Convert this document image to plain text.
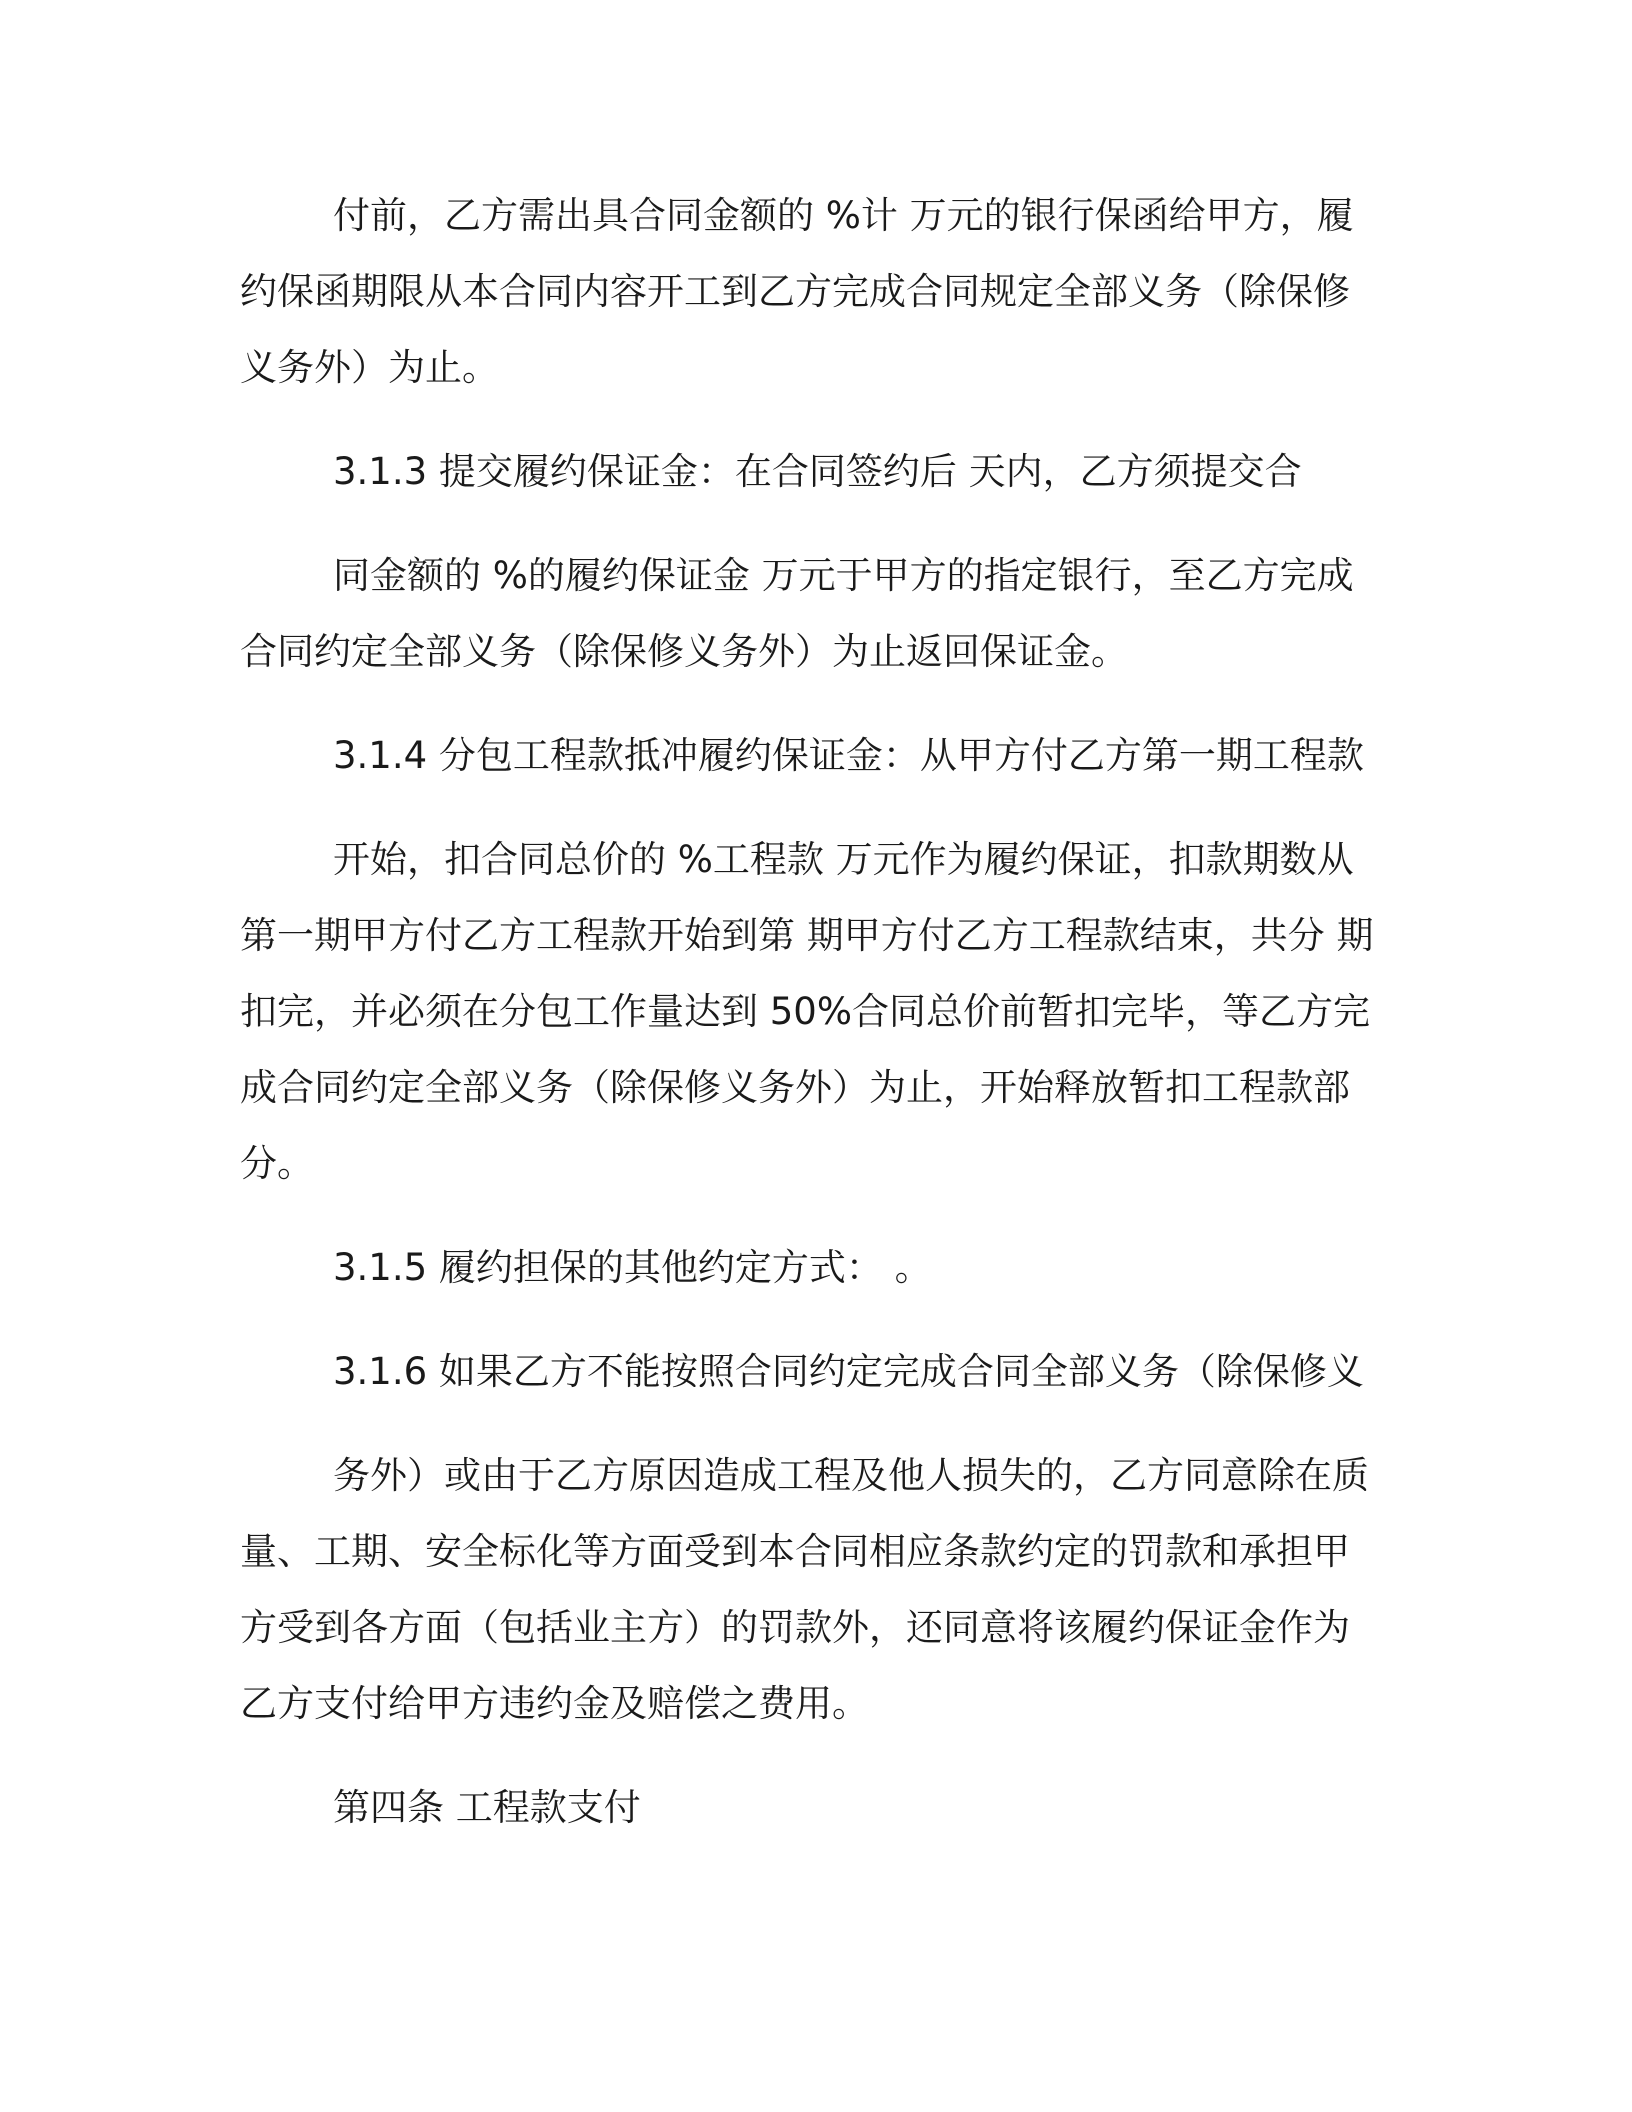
付前，乙方需出具合同金额的 %计 万元的银行保函给甲方，履
约保函期限从本合同内容开工到乙方完成合同规定全部义务（除保修
义务外）为止。
3.1.3 提交履约保证金：在合同签约后 天内，乙方须提交合
同金额的 %的履约保证金 万元于甲方的指定银行，至乙方完成
合同约定全部义务（除保修义务外）为止返回保证金。
3.1.4 分包工程款抵冲履约保证金：从甲方付乙方第一期工程款
开始，扣合同总价的 %工程款 万元作为履约保证，扣款期数从
第一期甲方付乙方工程款开始到第 期甲方付乙方工程款结束，共分 期
扣完，并必须在分包工作量达到 50%合同总价前暂扣完毕，等乙方完
成合同约定全部义务（除保修义务外）为止，开始释放暂扣工程款部
分。
3.1.5 履约担保的其他约定方式： 。
3.1.6 如果乙方不能按照合同约定完成合同全部义务（除保修义
务外）或由于乙方原因造成工程及他人损失的，乙方同意除在质
量、工期、安全标化等方面受到本合同相应条款约定的罚款和承担甲
方受到各方面（包括业主方）的罚款外，还同意将该履约保证金作为
乙方支付给甲方违约金及赔偿之费用。
第四条 工程款支付
